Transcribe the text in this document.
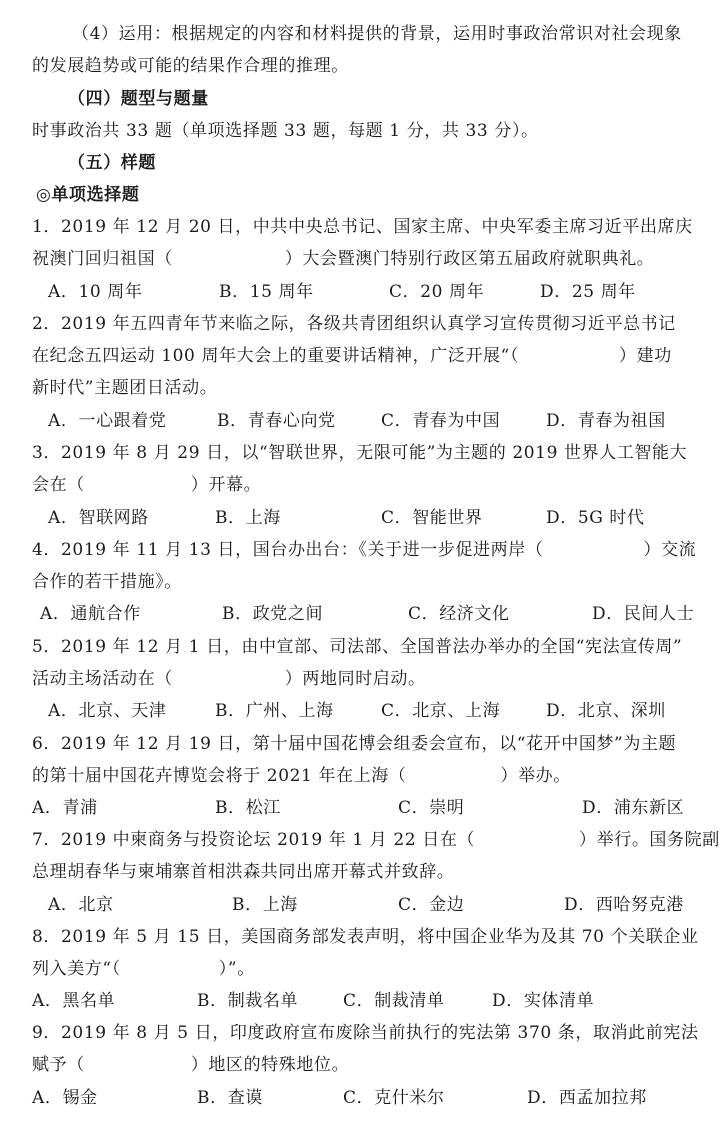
（4）运用：根据规定的内容和材料提供的背景，运用时事政治常识对社会现象
的发展趋势或可能的结果作合理的推理。
（四）题型与题量
时事政治共 33 题（单项选择题 33 题，每题 1 分，共 33 分）。
（五）样题
◎单项选择题
1．2019 年 12 月 20 日，中共中央总书记、国家主席、中央军委主席习近平出席庆
祝澳门回归祖国（	）大会暨澳门特别行政区第五届政府就职典礼。
A．10 周年	B．15 周年	C．20 周年	D．25 周年
2．2019 年五四青年节来临之际，各级共青团组织认真学习宣传贯彻习近平总书记
在纪念五四运动 100 周年大会上的重要讲话精神，广泛开展“（	）建功
新时代”主题团日活动。
A．一心跟着党	B．青春心向党	C．青春为中国	D．青春为祖国
3．2019 年 8 月 29 日，以“智联世界，无限可能”为主题的 2019 世界人工智能大
会在（	）开幕。
A．智联网路	B．上海	C．智能世界	D．5G 时代
4．2019 年 11 月 13 日，国台办出台：《关于进一步促进两岸（	）交流
合作的若干措施》。
A．通航合作	B．政党之间	C．经济文化	D．民间人士
5．2019 年 12 月 1 日，由中宣部、司法部、全国普法办举办的全国“宪法宣传周”
活动主场活动在（	）两地同时启动。
A．北京、天津	B．广州、上海	C．北京、上海	D．北京、深圳
6．2019 年 12 月 19 日，第十届中国花博会组委会宣布，以“花开中国梦”为主题
的第十届中国花卉博览会将于 2021 年在上海（	）举办。
A．青浦	B．松江	C．崇明	D．浦东新区
7．2019 中柬商务与投资论坛 2019 年 1 月 22 日在（	）举行。国务院副
总理胡春华与柬埔寨首相洪森共同出席开幕式并致辞。
A．北京	B．上海	C．金边	D．西哈努克港
8．2019 年 5 月 15 日，美国商务部发表声明，将中国企业华为及其 70 个关联企业
列入美方“（	）”。
A．黑名单	B．制裁名单	C．制裁清单	D．实体清单
9．2019 年 8 月 5 日，印度政府宣布废除当前执行的宪法第 370 条，取消此前宪法
赋予（	）地区的特殊地位。
A．锡金	B．查谟	C．克什米尔	D．西孟加拉邦
